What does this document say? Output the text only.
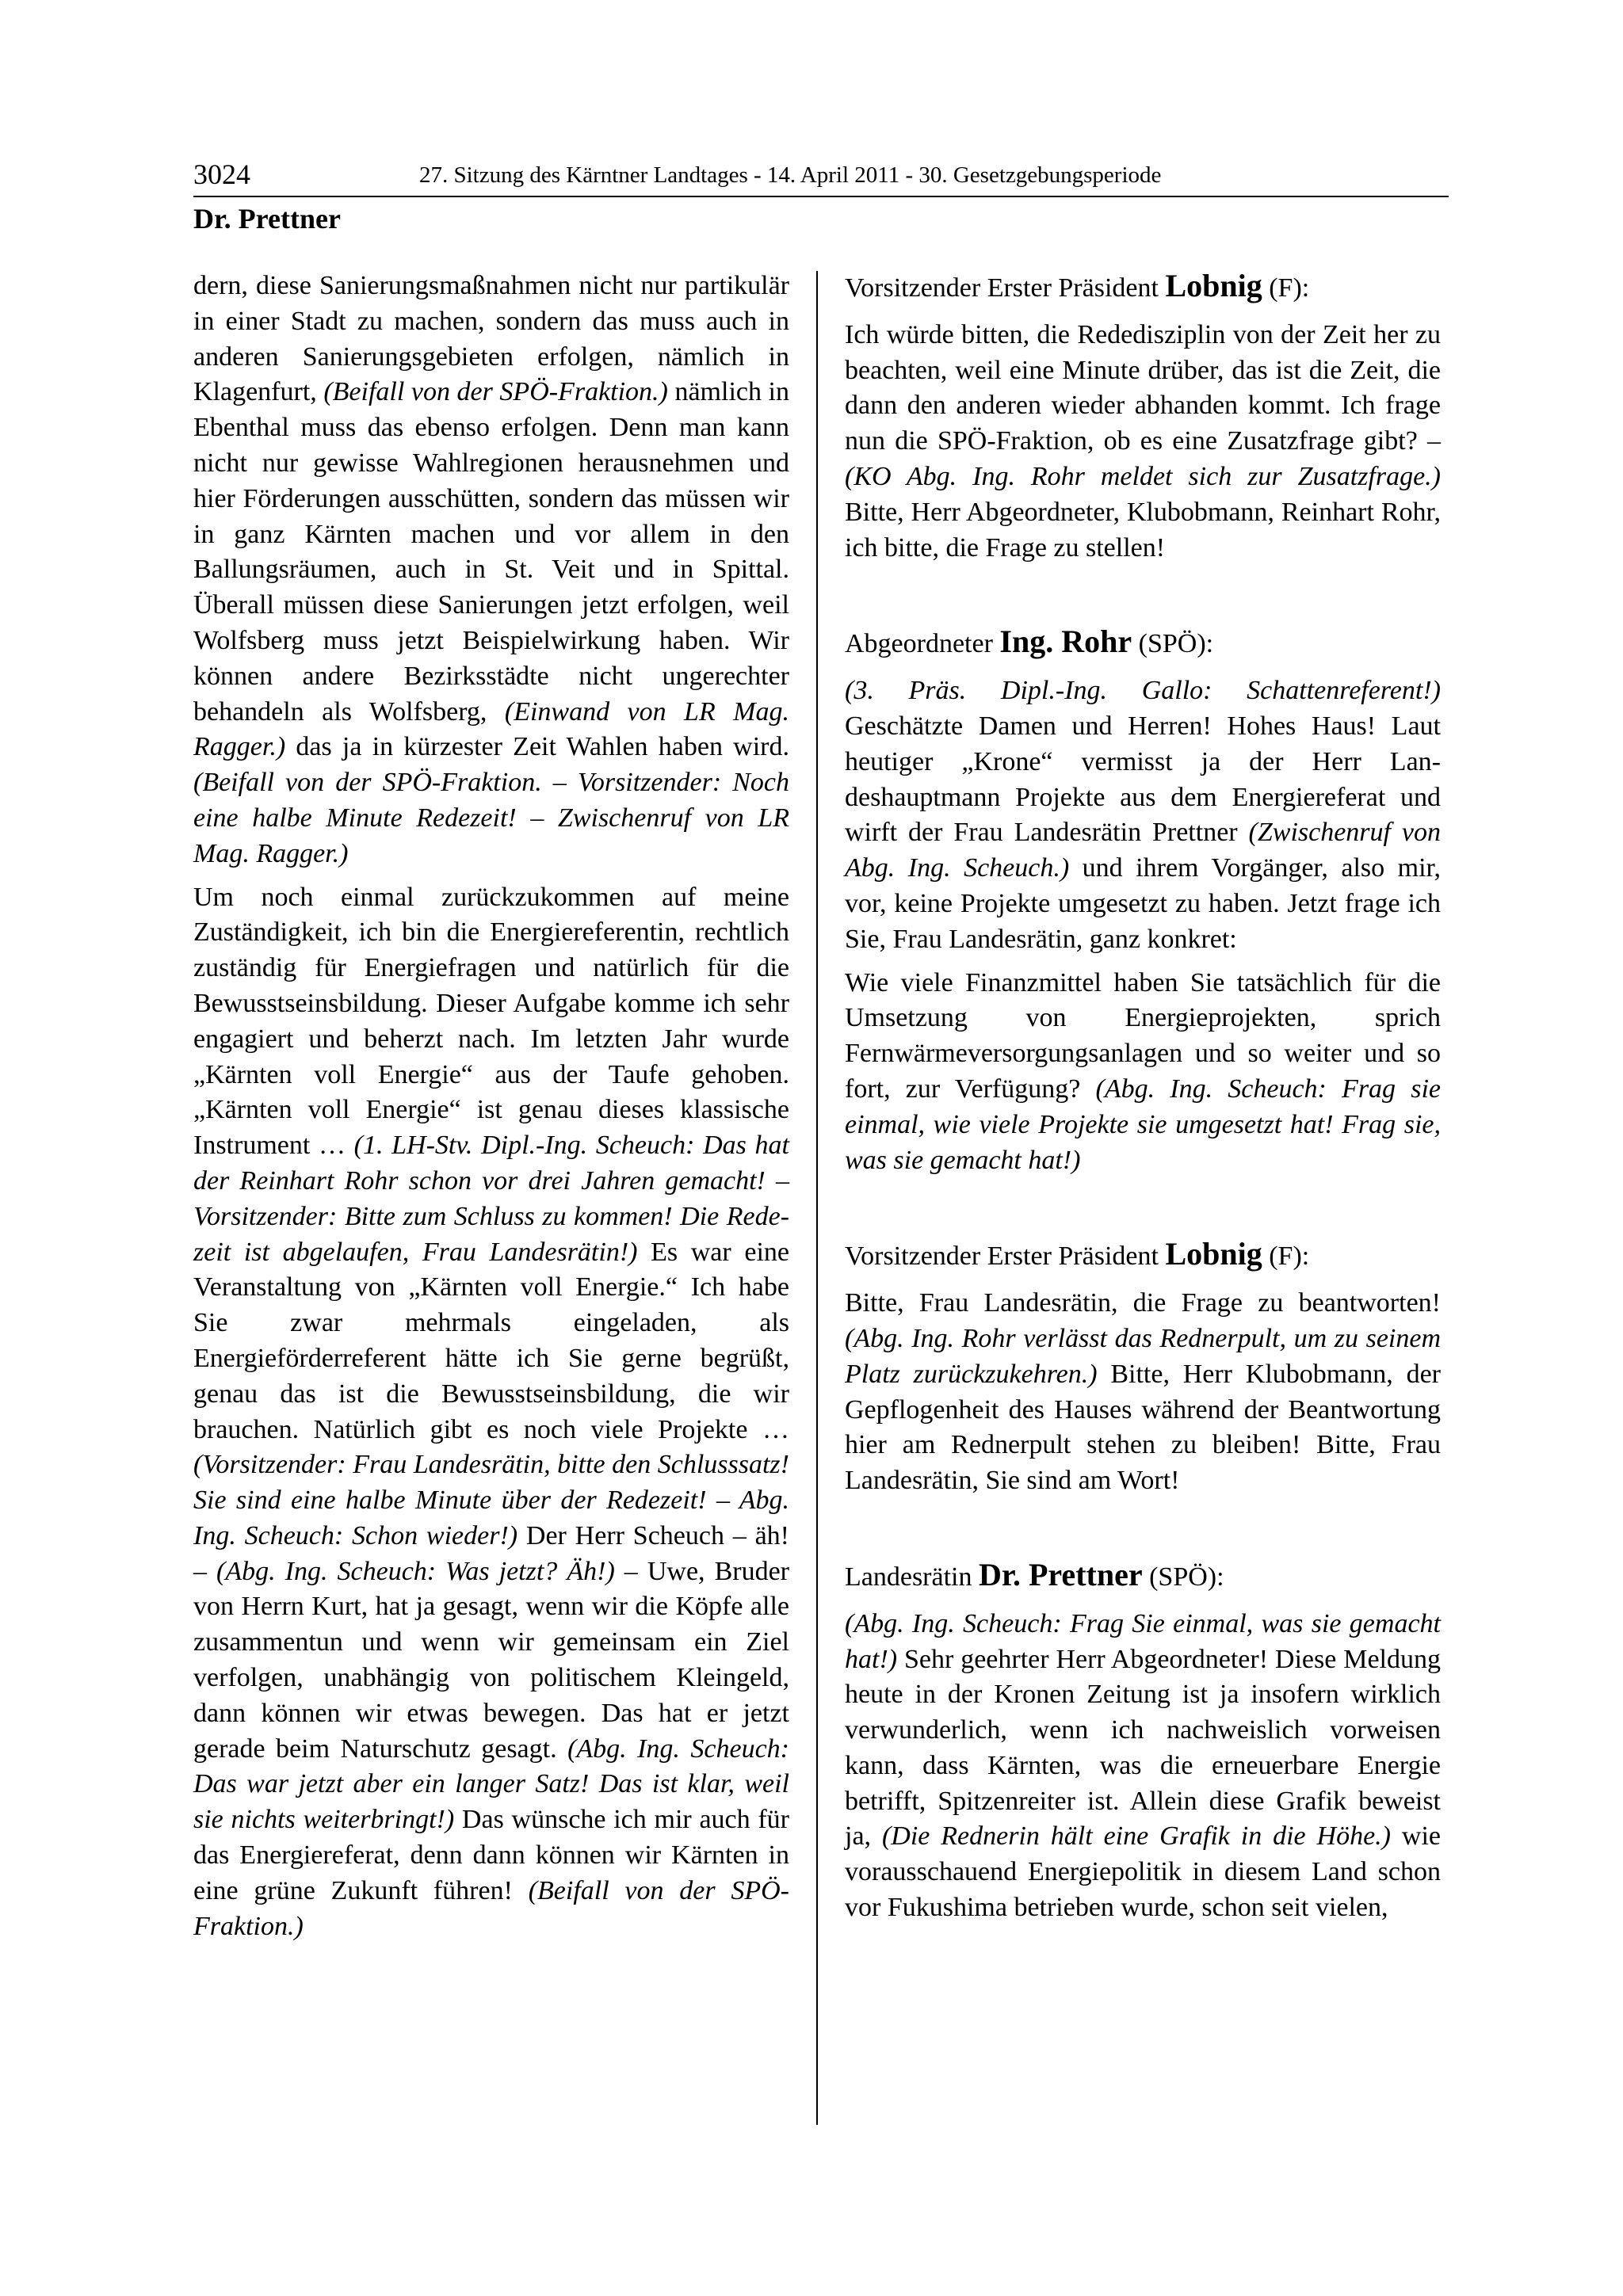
3024	27. Sitzung des Kärntner Landtages - 14. April 2011 - 30. Gesetzgebungsperiode
Dr. Prettner

dern, diese Sanierungsmaßnahmen nicht nur partikulär in einer Stadt zu machen, sondern das muss auch in anderen Sanierungsgebieten erfolgen, nämlich in Klagenfurt, (Beifall von der SPÖ-Fraktion.) nämlich in Ebenthal muss das ebenso erfolgen. Denn man kann nicht nur gewisse Wahlregionen herausnehmen und hier Förderungen ausschütten, sondern das müssen wir in ganz Kärnten machen und vor allem in den Ballungsräumen, auch in St. Veit und in Spittal. Überall müssen diese Sanierungen jetzt erfolgen, weil Wolfsberg muss jetzt Beispielwirkung haben. Wir können andere Bezirksstädte nicht ungerechter behandeln als Wolfsberg, (Einwand von LR Mag. Ragger.) das ja in kürzester Zeit Wahlen haben wird. (Beifall von der SPÖ-Fraktion. – Vorsitzender: Noch eine halbe Minute Redezeit! – Zwischenruf von LR Mag. Ragger.)

Um noch einmal zurückzukommen auf meine Zuständigkeit, ich bin die Energiereferentin, rechtlich zuständig für Energiefragen und natürlich für die Bewusstseinsbildung. Dieser Aufgabe komme ich sehr engagiert und beherzt nach. Im letzten Jahr wurde „Kärnten voll Energie“ aus der Taufe gehoben. „Kärnten voll Energie“ ist genau dieses klassische Instrument … (1. LH-Stv. Dipl.-Ing. Scheuch: Das hat der Reinhart Rohr schon vor drei Jahren gemacht! – Vorsitzender: Bitte zum Schluss zu kommen! Die Redezeit ist abgelaufen, Frau Landesrätin!) Es war eine Veranstaltung von „Kärnten voll Energie.“ Ich habe Sie zwar mehrmals eingeladen, als Energieförderreferent hätte ich Sie gerne begrüßt, genau das ist die Bewusstseinsbildung, die wir brauchen. Natürlich gibt es noch viele Projekte … (Vorsitzender: Frau Landesrätin, bitte den Schlusssatz! Sie sind eine halbe Minute über der Redezeit! – Abg. Ing. Scheuch: Schon wieder!) Der Herr Scheuch – äh! – (Abg. Ing. Scheuch: Was jetzt? Äh!) – Uwe, Bruder von Herrn Kurt, hat ja gesagt, wenn wir die Köpfe alle zusammentun und wenn wir gemeinsam ein Ziel verfolgen, unabhängig von politischem Kleingeld, dann können wir etwas bewegen. Das hat er jetzt gerade beim Naturschutz gesagt. (Abg. Ing. Scheuch: Das war jetzt aber ein langer Satz! Das ist klar, weil sie nichts weiterbringt!) Das wünsche ich mir auch für das Energiereferat, denn dann können wir Kärnten in eine grüne Zukunft führen! (Beifall von der SPÖ-Fraktion.)

Vorsitzender Erster Präsident Lobnig (F):

Ich würde bitten, die Rededisziplin von der Zeit her zu beachten, weil eine Minute drüber, das ist die Zeit, die dann den anderen wieder abhanden kommt. Ich frage nun die SPÖ-Fraktion, ob es eine Zusatzfrage gibt? – (KO Abg. Ing. Rohr meldet sich zur Zusatzfrage.) Bitte, Herr Abgeordneter, Klubobmann, Reinhart Rohr, ich bitte, die Frage zu stellen!

Abgeordneter Ing. Rohr (SPÖ):

(3. Präs. Dipl.-Ing. Gallo: Schattenreferent!) Geschätzte Damen und Herren! Hohes Haus! Laut heutiger „Krone“ vermisst ja der Herr Landeshauptmann Projekte aus dem Energiereferat und wirft der Frau Landesrätin Prettner (Zwischenruf von Abg. Ing. Scheuch.) und ihrem Vorgänger, also mir, vor, keine Projekte umgesetzt zu haben. Jetzt frage ich Sie, Frau Landesrätin, ganz konkret:

Wie viele Finanzmittel haben Sie tatsächlich für die Umsetzung von Energieprojekten, sprich Fernwärmeversorgungsanlagen und so weiter und so fort, zur Verfügung? (Abg. Ing. Scheuch: Frag sie einmal, wie viele Projekte sie umgesetzt hat! Frag sie, was sie gemacht hat!)

Vorsitzender Erster Präsident Lobnig (F):

Bitte, Frau Landesrätin, die Frage zu beantworten! (Abg. Ing. Rohr verlässt das Rednerpult, um zu seinem Platz zurückzukehren.) Bitte, Herr Klubobmann, der Gepflogenheit des Hauses während der Beantwortung hier am Rednerpult stehen zu bleiben! Bitte, Frau Landesrätin, Sie sind am Wort!

Landesrätin Dr. Prettner (SPÖ):

(Abg. Ing. Scheuch: Frag Sie einmal, was sie gemacht hat!) Sehr geehrter Herr Abgeordneter! Diese Meldung heute in der Kronen Zeitung ist ja insofern wirklich verwunderlich, wenn ich nachweislich vorweisen kann, dass Kärnten, was die erneuerbare Energie betrifft, Spitzenreiter ist. Allein diese Grafik beweist ja, (Die Rednerin hält eine Grafik in die Höhe.) wie vorausschauend Energiepolitik in diesem Land schon vor Fukushima betrieben wurde, schon seit vielen,
